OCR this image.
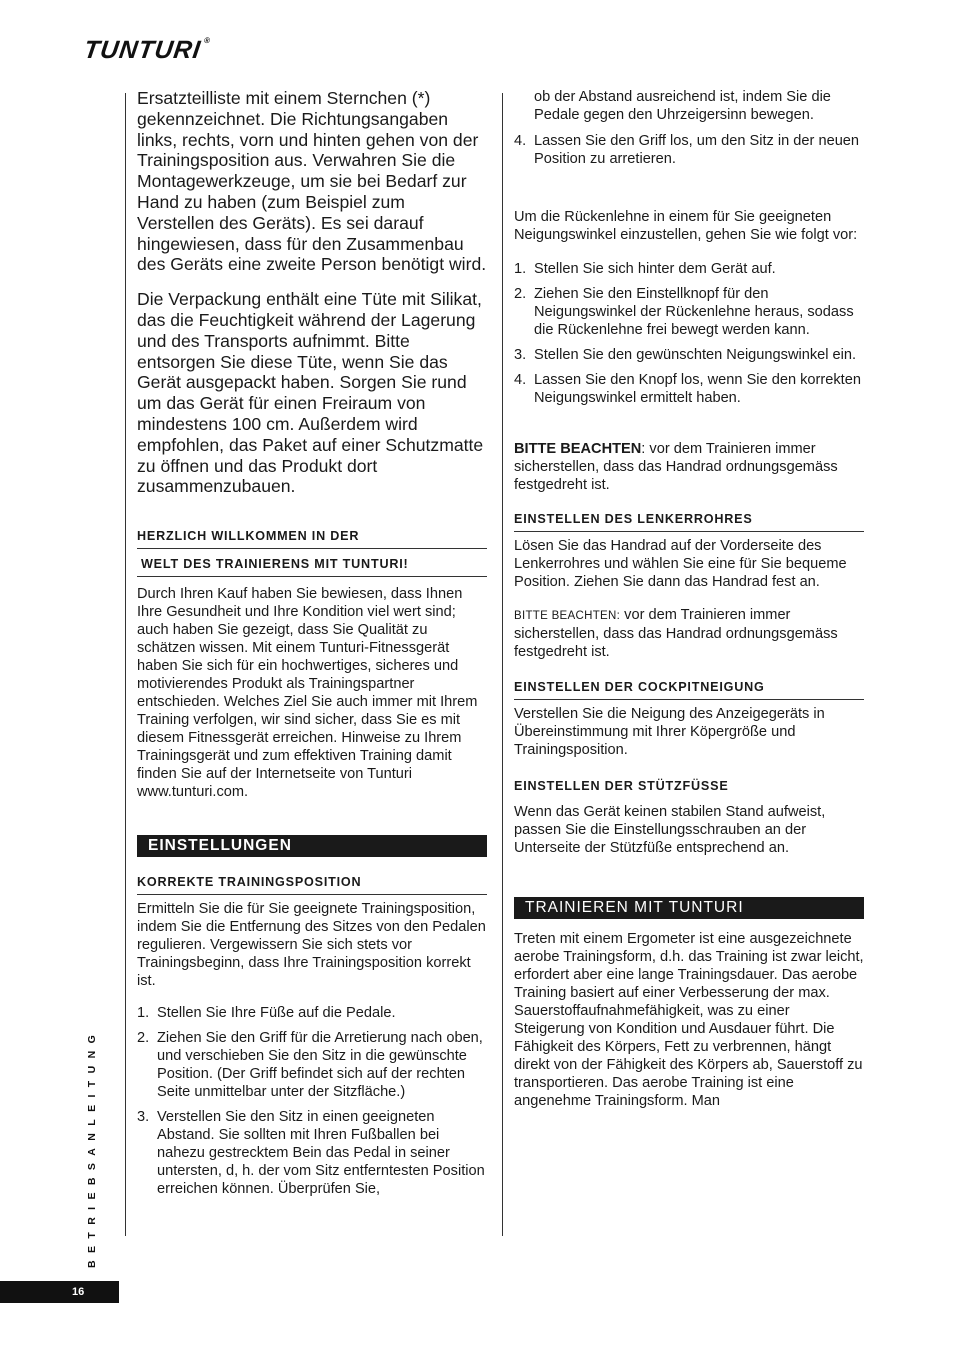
TUNTURI®

Ersatzteilliste mit einem Sternchen (*) gekennzeichnet. Die Richtungsangaben links, rechts, vorn und hinten gehen von der Trainingsposition aus. Verwahren Sie die Montagewerkzeuge, um sie bei Bedarf zur Hand zu haben (zum Beispiel zum Verstellen des Geräts). Es sei darauf hingewiesen, dass für den Zusammenbau des Geräts eine zweite Person benötigt wird.

Die Verpackung enthält eine Tüte mit Silikat, das die Feuchtigkeit während der Lagerung und des Transports aufnimmt. Bitte entsorgen Sie diese Tüte, wenn Sie das Gerät ausgepackt haben. Sorgen Sie rund um das Gerät für einen Freiraum von mindestens 100 cm. Außerdem wird empfohlen, das Paket auf einer Schutzmatte zu öffnen und das Produkt dort zusammenzubauen.

HERZLICH WILLKOMMEN IN DER
WELT DES TRAINIERENS MIT TUNTURI!

Durch Ihren Kauf haben Sie bewiesen, dass Ihnen Ihre Gesundheit und Ihre Kondition viel wert sind; auch haben Sie gezeigt, dass Sie Qualität zu schätzen wissen. Mit einem Tunturi-Fitnessgerät haben Sie sich für ein hochwertiges, sicheres und motivierendes Produkt als Trainingspartner entschieden. Welches Ziel Sie auch immer mit Ihrem Training verfolgen, wir sind sicher, dass Sie es mit diesem Fitnessgerät erreichen. Hinweise zu Ihrem Trainingsgerät und zum effektiven Training damit finden Sie auf der Internetseite von Tunturi www.tunturi.com.

EINSTELLUNGEN
KORREKTE TRAININGSPOSITION

Ermitteln Sie die für Sie geeignete Trainingsposition, indem Sie die Entfernung des Sitzes von den Pedalen regulieren. Vergewissern Sie sich stets vor Trainingsbeginn, dass Ihre Trainingsposition korrekt ist.

1. Stellen Sie Ihre Füße auf die Pedale.
2. Ziehen Sie den Griff für die Arretierung nach oben, und verschieben Sie den Sitz in die gewünschte Position. (Der Griff befindet sich auf der rechten Seite unmittelbar unter der Sitzfläche.)
3. Verstellen Sie den Sitz in einen geeigneten Abstand. Sie sollten mit Ihren Fußballen bei nahezu gestrecktem Bein das Pedal in seiner untersten, d, h. der vom Sitz entferntesten Position erreichen können. Überprüfen Sie,
ob der Abstand ausreichend ist, indem Sie die Pedale gegen den Uhrzeigersinn bewegen.
4. Lassen Sie den Griff los, um den Sitz in der neuen Position zu arretieren.

Um die Rückenlehne in einem für Sie geeigneten Neigungswinkel einzustellen, gehen Sie wie folgt vor:

1. Stellen Sie sich hinter dem Gerät auf.
2. Ziehen Sie den Einstellknopf für den Neigungswinkel der Rückenlehne heraus, sodass die Rückenlehne frei bewegt werden kann.
3. Stellen Sie den gewünschten Neigungswinkel ein.
4. Lassen Sie den Knopf los, wenn Sie den korrekten Neigungswinkel ermittelt haben.

BITTE BEACHTEN: vor dem Trainieren immer sicherstellen, dass das Handrad ordnungsgemäss festgedreht ist.

EINSTELLEN DES LENKERROHRES

Lösen Sie das Handrad auf der Vorderseite des Lenkerrohres und wählen Sie eine für Sie bequeme Position. Ziehen Sie dann das Handrad fest an.

BITTE BEACHTEN: vor dem Trainieren immer sicherstellen, dass das Handrad ordnungsgemäss festgedreht ist.

EINSTELLEN DER COCKPITNEIGUNG

Verstellen Sie die Neigung des Anzeigegeräts in Übereinstimmung mit Ihrer Köpergröße und Trainingsposition.

EINSTELLEN DER STÜTZFÜSSE

Wenn das Gerät keinen stabilen Stand aufweist, passen Sie die Einstellungsschrauben an der Unterseite der Stützfüße entsprechend an.

TRAINIEREN MIT TUNTURI

Treten mit einem Ergometer ist eine ausgezeichnete aerobe Trainingsform, d.h. das Training ist zwar leicht, erfordert aber eine lange Trainingsdauer. Das aerobe Training basiert auf einer Verbesserung der max. Sauerstoffaufnahmefähigkeit, was zu einer Steigerung von Kondition und Ausdauer führt. Die Fähigkeit des Körpers, Fett zu verbrennen, hängt direkt von der Fähigkeit des Körpers ab, Sauerstoff zu transportieren. Das aerobe Training ist eine angenehme Trainingsform. Man

BETRIEBSANLEITUNG
16
